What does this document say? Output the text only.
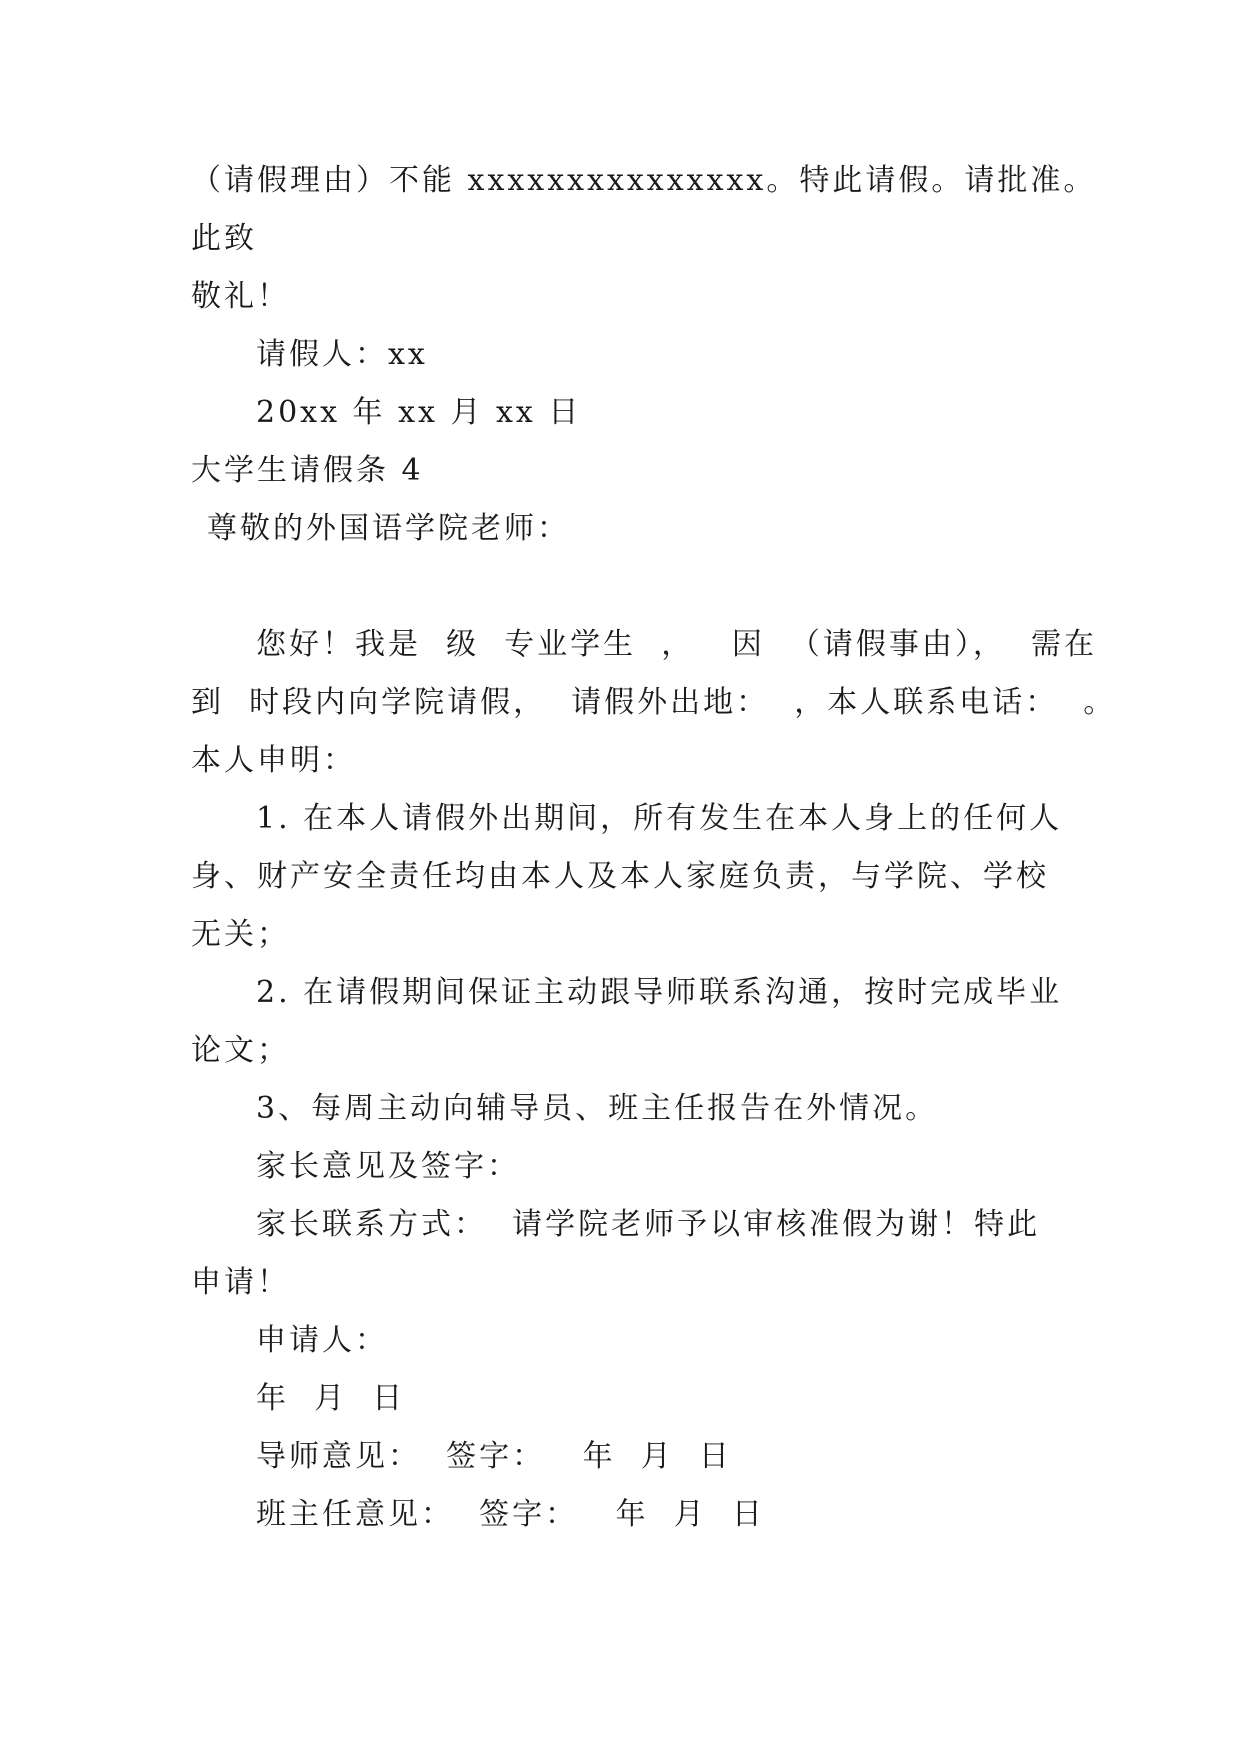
（请假理由）不能 xxxxxxxxxxxxxxx。特此请假。请批准。
此致
敬礼！
请假人：xx
20xx 年 xx 月 xx 日
大学生请假条 4
尊敬的外国语学院老师：
您好！我是  级  专业学生  ，   因  （请假事由），  需在
到  时段内向学院请假，  请假外出地：  ，本人联系电话：  。
本人申明：
1. 在本人请假外出期间，所有发生在本人身上的任何人
身、财产安全责任均由本人及本人家庭负责，与学院、学校
无关；
2. 在请假期间保证主动跟导师联系沟通，按时完成毕业
论文；
3、每周主动向辅导员、班主任报告在外情况。
家长意见及签字：
家长联系方式：  请学院老师予以审核准假为谢！特此
申请！
申请人：
年  月  日
导师意见：  签字：   年  月  日
班主任意见：  签字：   年  月  日
